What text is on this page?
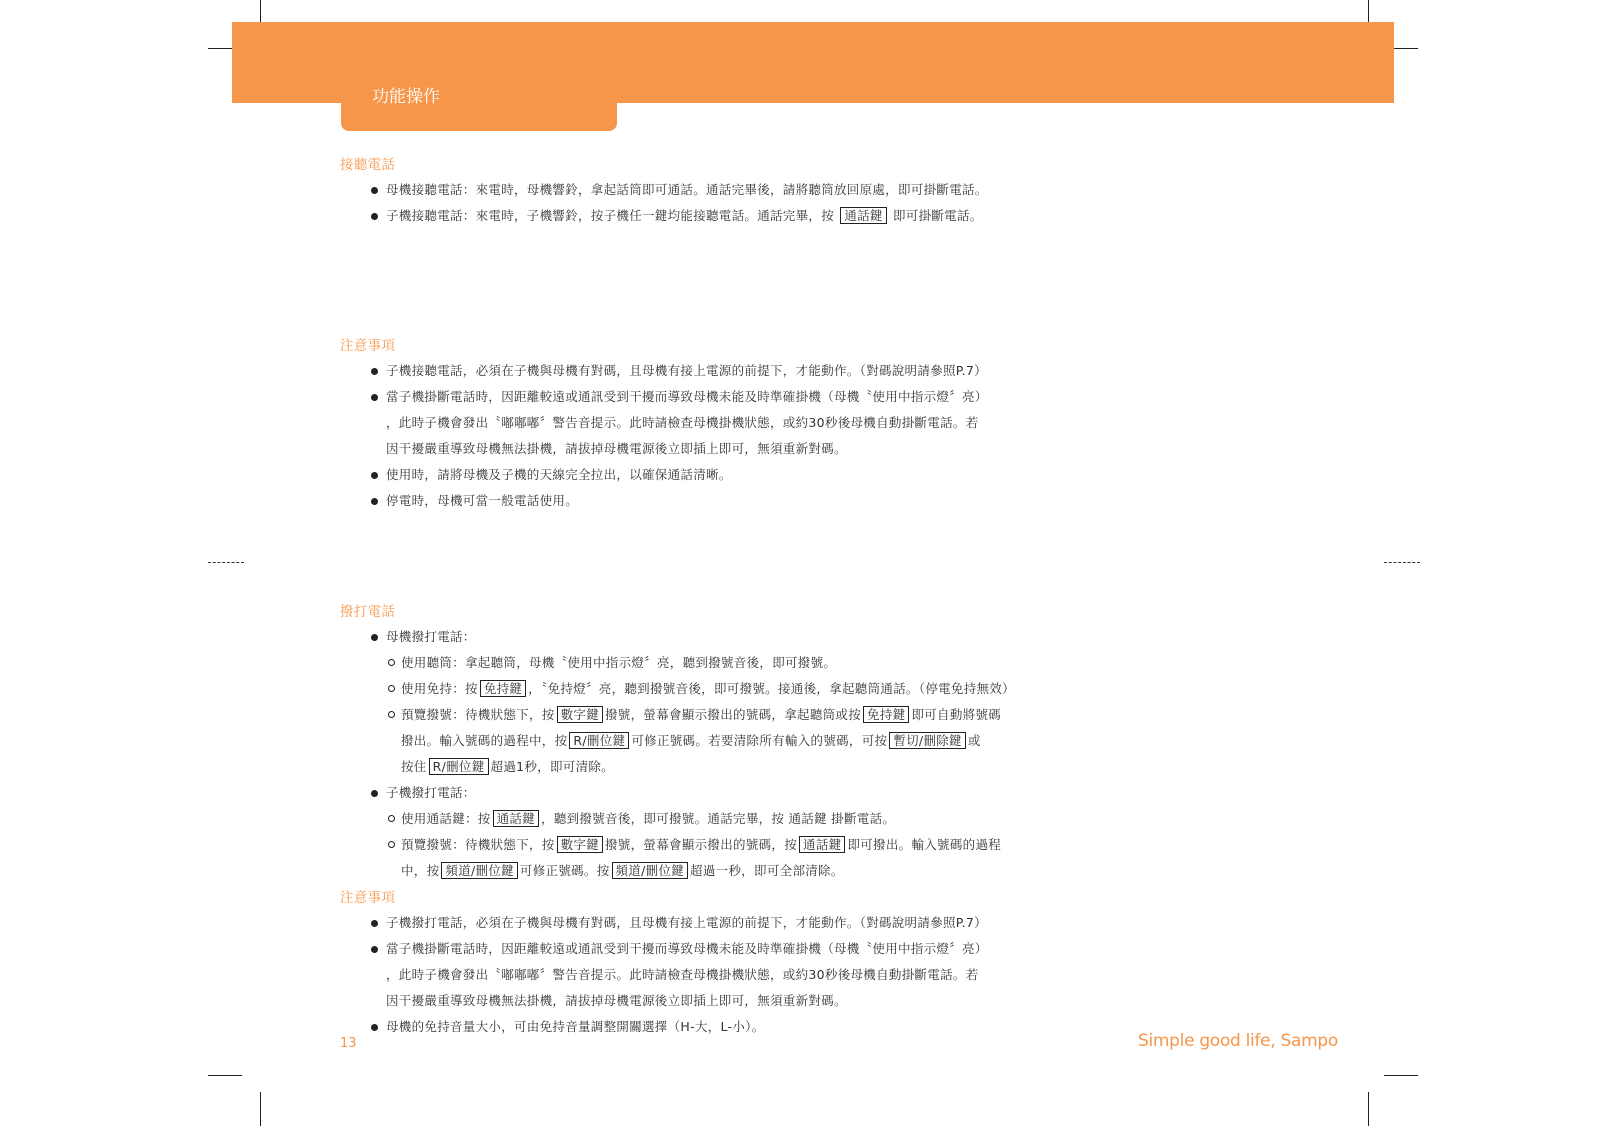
功能操作
接聽電話
母機接聽電話：來電時，母機響鈴，拿起話筒即可通話。通話完畢後，請將聽筒放回原處，即可掛斷電話。
子機接聽電話：來電時，子機響鈴，按子機任一鍵均能接聽電話。通話完畢，按 通話鍵 即可掛斷電話。
注意事項
子機接聽電話，必須在子機與母機有對碼，且母機有接上電源的前提下，才能動作。（對碼說明請參照P.7）
當子機掛斷電話時，因距離較遠或通訊受到干擾而導致母機未能及時準確掛機（母機〝使用中指示燈〞亮）
，此時子機會發出〝嘟嘟嘟〞警告音提示。此時請檢查母機掛機狀態，或約30秒後母機自動掛斷電話。若
因干擾嚴重導致母機無法掛機，請拔掉母機電源後立即插上即可，無須重新對碼。
使用時，請將母機及子機的天線完全拉出，以確保通話清晰。
停電時，母機可當一般電話使用。
撥打電話
母機撥打電話：
使用聽筒：拿起聽筒，母機〝使用中指示燈〞亮，聽到撥號音後，即可撥號。
使用免持：按 免持鍵 ，〝免持燈〞亮，聽到撥號音後，即可撥號。接通後，拿起聽筒通話。（停電免持無效）
預覽撥號：待機狀態下，按 數字鍵 撥號，螢幕會顯示撥出的號碼，拿起聽筒或按 免持鍵 即可自動將號碼
撥出。輸入號碼的過程中，按 R/刪位鍵 可修正號碼。若要清除所有輸入的號碼，可按 暫切/刪除鍵 或
按住 R/刪位鍵 超過1秒，即可清除。
子機撥打電話：
使用通話鍵：按 通話鍵 ，聽到撥號音後，即可撥號。通話完畢，按 通話鍵 掛斷電話。
預覽撥號：待機狀態下，按 數字鍵 撥號，螢幕會顯示撥出的號碼，按 通話鍵 即可撥出。輸入號碼的過程
中，按 頻道/刪位鍵 可修正號碼。按 頻道/刪位鍵 超過一秒，即可全部清除。
注意事項
子機撥打電話，必須在子機與母機有對碼，且母機有接上電源的前提下，才能動作。（對碼說明請參照P.7）
當子機掛斷電話時，因距離較遠或通訊受到干擾而導致母機未能及時準確掛機（母機〝使用中指示燈〞亮）
，此時子機會發出〝嘟嘟嘟〞警告音提示。此時請檢查母機掛機狀態，或約30秒後母機自動掛斷電話。若
因干擾嚴重導致母機無法掛機，請拔掉母機電源後立即插上即可，無須重新對碼。
母機的免持音量大小，可由免持音量調整開關選擇（H-大，L-小）。
13	Simple good life, Sampo
